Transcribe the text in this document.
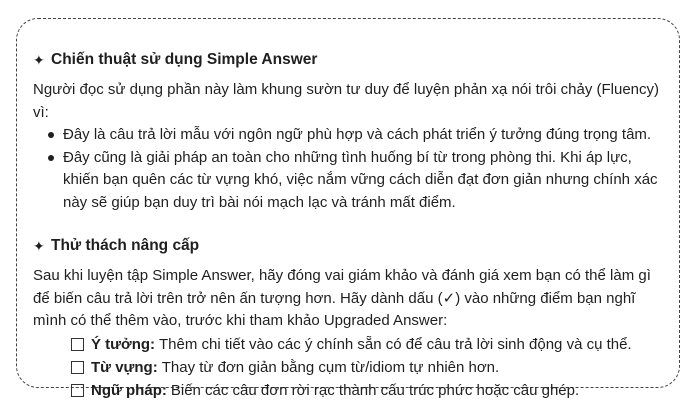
✦ Chiến thuật sử dụng Simple Answer

Người đọc sử dụng phần này làm khung sườn tư duy để luyện phản xạ nói trôi chảy (Fluency) vì:

Đây là câu trả lời mẫu với ngôn ngữ phù hợp và cách phát triển ý tưởng đúng trọng tâm.
Đây cũng là giải pháp an toàn cho những tình huống bí từ trong phòng thi. Khi áp lực, khiến bạn quên các từ vựng khó, việc nắm vững cách diễn đạt đơn giản nhưng chính xác này sẽ giúp bạn duy trì bài nói mạch lạc và tránh mất điểm.
✦ Thử thách nâng cấp

Sau khi luyện tập Simple Answer, hãy đóng vai giám khảo và đánh giá xem bạn có thể làm gì để biến câu trả lời trên trở nên ấn tượng hơn. Hãy dành dấu (✓) vào những điểm bạn nghĩ mình có thể thêm vào, trước khi tham khảo Upgraded Answer:

Ý tưởng: Thêm chi tiết vào các ý chính sẵn có để câu trả lời sinh động và cụ thể.
Từ vựng: Thay từ đơn giản bằng cụm từ/idiom tự nhiên hơn.
Ngữ pháp: Biến các câu đơn rời rạc thành cấu trúc phức hoặc câu ghép.
